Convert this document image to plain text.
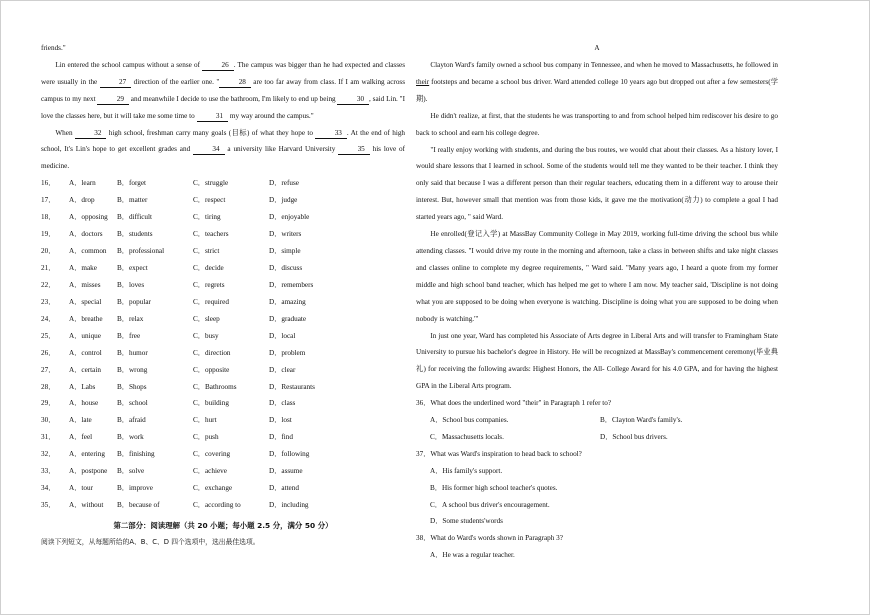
friends."

Lin entered the school campus without a sense of	26 . The campus was bigger than he had expected and classes were usually in the	27 direction of the earlier one. "	28 are too far away from class. If I am walking across campus to my next	29 and meanwhile I decide to use the bathroom, I'm likely to end up being	30 , said Lin. "I love the classes here, but it will take me some time to	31 my way around the campus."

When	32 high school, freshman carry many goals (目标) of what they hope to	33 . At the end of high school, It's Lin's hope to get excellent grades and	34 a university like Harvard University	35 his love of medicine.

16．	A．learn	B．forget	C．struggle	D．refuse
17．	A．drop	B．matter	C．respect	D．judge
18．	A．opposing	B．difficult	C．tiring	D．enjoyable
19．	A．doctors	B．students	C．teachers	D．writers
20．	A．common	B．professional	C．strict	D．simple
21．	A．make	B．expect	C．decide	D．discuss
22．	A．misses	B．loves	C．regrets	D．remembers
23．	A．special	B．popular	C．required	D．amazing
24．	A．breathe	B．relax	C．sleep	D．graduate
25．	A．unique	B．free	C．busy	D．local
26．	A．control	B．humor	C．direction	D．problem
27．	A．certain	B．wrong	C．opposite	D．clear
28．	A．Labs	B．Shops	C．Bathrooms	D．Restaurants
29．	A．house	B．school	C．building	D．class
30．	A．late	B．afraid	C．hurt	D．lost
31．	A．feel	B．work	C．push	D．find
32．	A．entering	B．finishing	C．covering	D．following
33．	A．postpone	B．solve	C．achieve	D．assume
34．	A．tour	B．improve	C．exchange	D．attend
35．	A．without	B．because of	C．according to	D．including
第二部分：阅读理解（共 20 小题；每小题 2.5 分，满分 50 分）
阅读下列短文，从每题所给的A、B、C、D 四个选项中，选出最佳选项。
A

Clayton Ward's family owned a school bus company in Tennessee, and when he moved to Massachusetts, he followed in their footsteps and became a school bus driver. Ward attended college 10 years ago but dropped out after a few semesters(学期).

He didn't realize, at first, that the students he was transporting to and from school helped him rediscover his desire to go back to school and earn his college degree.

"I really enjoy working with students, and during the bus routes, we would chat about their classes. As a history lover, I would share lessons that I learned in school. Some of the students would tell me they wanted to be their teacher. I think they only said that because I was a different person than their regular teachers, educating them in a different way to arouse their interest. But, however small that mention was from those kids, it gave me the motivation(动力) to complete a goal I had started years ago, " said Ward.

He enrolled(登记入学) at MassBay Community College in May 2019, working full-time driving the school bus while attending classes. "I would drive my route in the morning and afternoon, take a class in between shifts and take night classes and classes online to complete my degree requirements, " Ward said. "Many years ago, I heard a quote from my former middle and high school band teacher, which has helped me get to where I am now. My teacher said, 'Discipline is not doing what you are supposed to be doing when everyone is watching. Discipline is doing what you are supposed to be doing when nobody is watching.'"

In just one year, Ward has completed his Associate of Arts degree in Liberal Arts and will transfer to Framingham State University to pursue his bachelor's degree in History. He will be recognized at MassBay's commencement ceremony(毕业典礼) for receiving the following awards: Highest Honors, the All- College Award for his 4.0 GPA, and for having the highest GPA in the Liberal Arts program.

36．What does the underlined word "their" in Paragraph 1 refer to?
A．School bus companies.	B．Clayton Ward's family's.
C．Massachusetts locals.	D．School bus drivers.
37．What was Ward's inspiration to head back to school?
A．His family's support.
B．His former high school teacher's quotes.
C．A school bus driver's encouragement.
D．Some students'words
38．What do Ward's words shown in Paragraph 3?
A．He was a regular teacher.
